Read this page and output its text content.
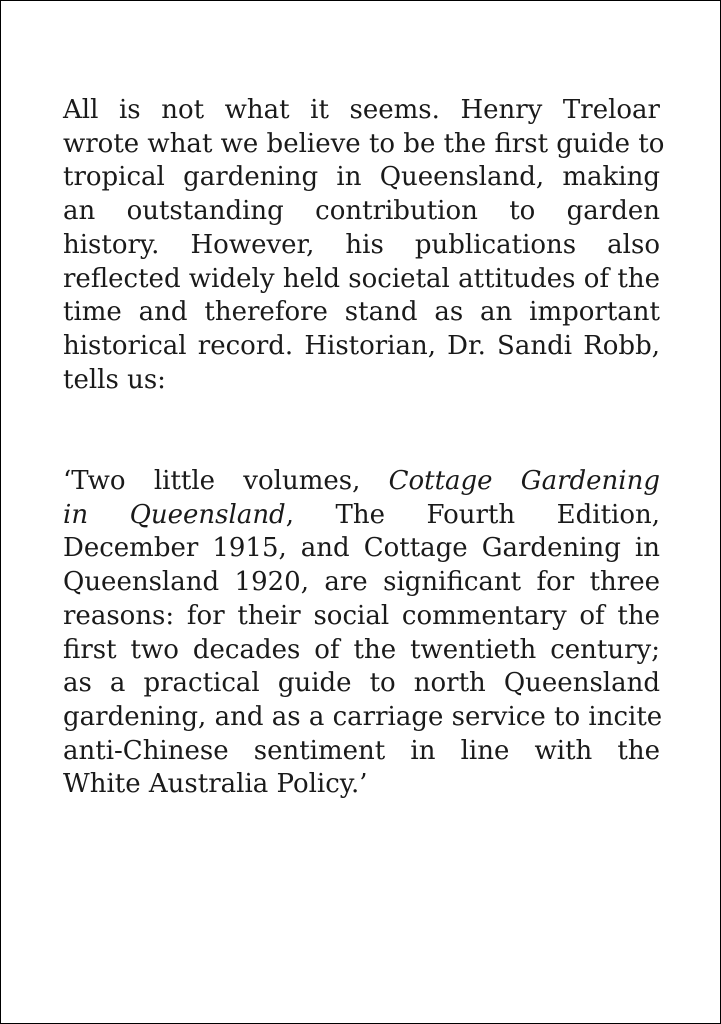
All is not what it seems. Henry Treloar
wrote what we believe to be the first guide to
tropical gardening in Queensland, making
an outstanding contribution to garden
history. However, his publications also
reflected widely held societal attitudes of the
time and therefore stand as an important
historical record. Historian, Dr. Sandi Robb,
tells us:
‘Two little volumes, Cottage Gardening
in Queensland, The Fourth Edition,
December 1915, and Cottage Gardening in
Queensland 1920, are significant for three
reasons: for their social commentary of the
first two decades of the twentieth century;
as a practical guide to north Queensland
gardening, and as a carriage service to incite
anti-Chinese sentiment in line with the
White Australia Policy.’
